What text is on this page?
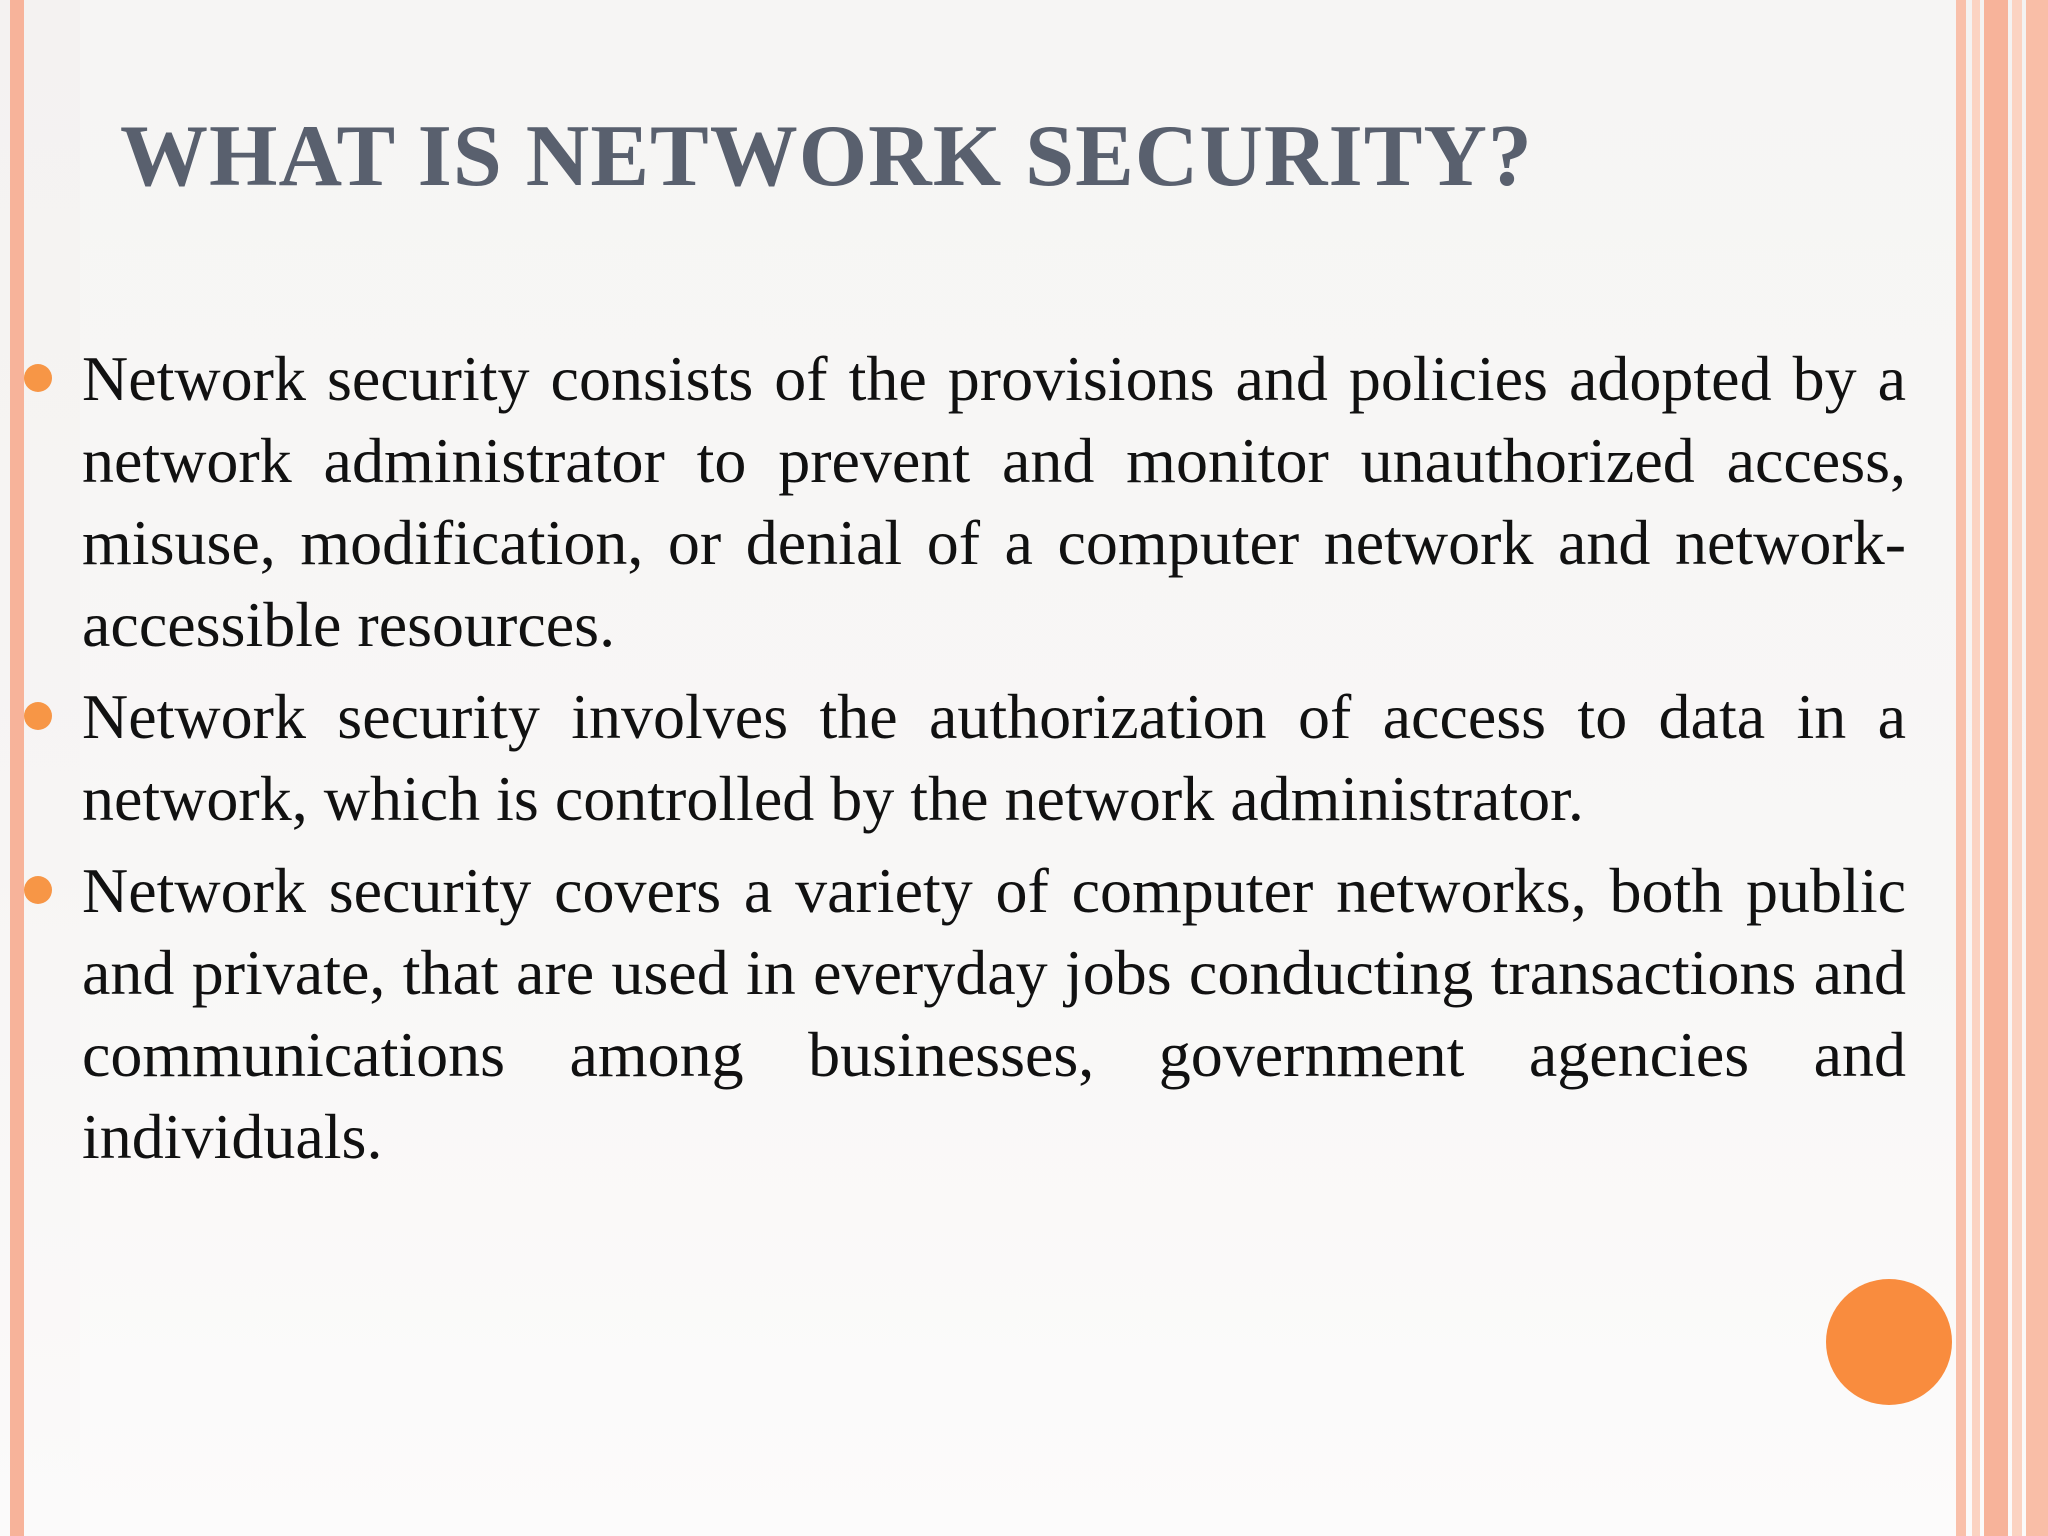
WHAT IS NETWORK SECURITY?
Network security consists of the provisions and policies adopted by a network administrator to prevent and monitor unauthorized access, misuse, modification, or denial of a computer network and network-accessible resources.
Network security involves the authorization of access to data in a network, which is controlled by the network administrator.
Network security covers a variety of computer networks, both public and private, that are used in everyday jobs conducting transactions and communications among businesses, government agencies and individuals.
